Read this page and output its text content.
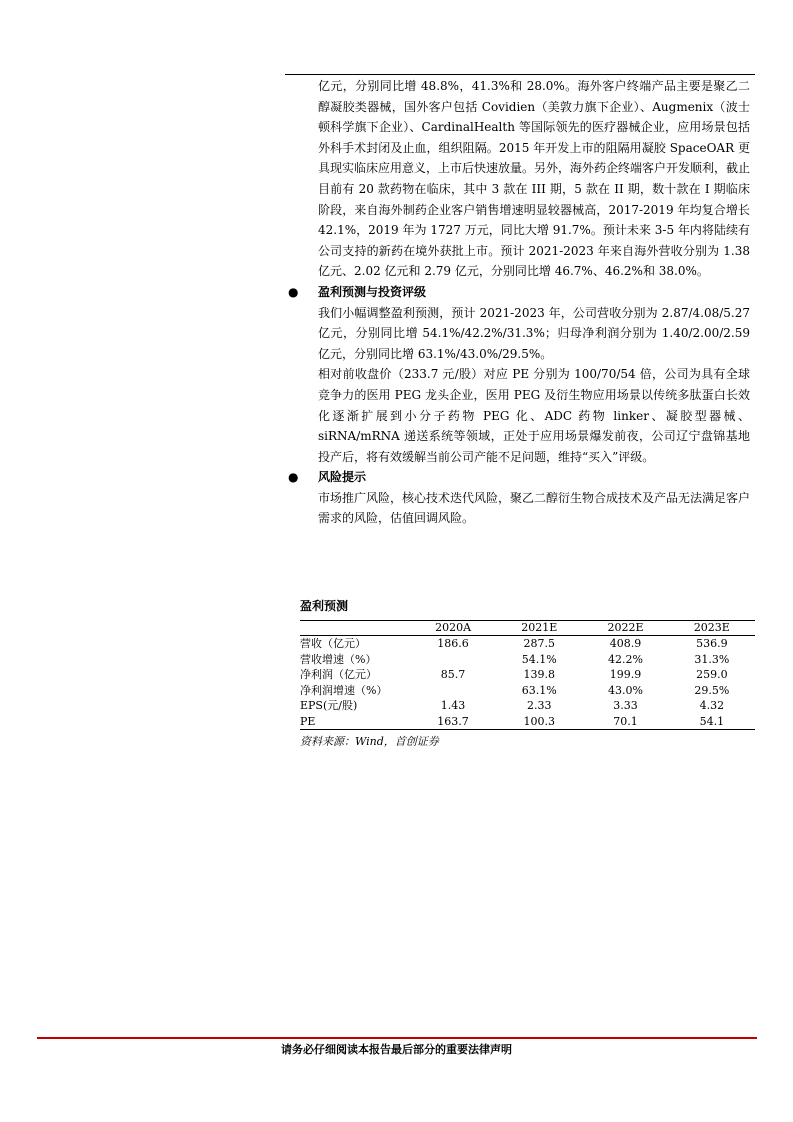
亿元，分别同比增 48.8%，41.3%和 28.0%。海外客户终端产品主要是聚乙二醇凝胶类器械，国外客户包括 Covidien（美敦力旗下企业）、Augmenix（波士顿科学旗下企业）、CardinalHealth 等国际领先的医疗器械企业，应用场景包括外科手术封闭及止血，组织阻隔。2015 年开发上市的阻隔用凝胶 SpaceOAR 更具现实临床应用意义，上市后快速放量。另外，海外药企终端客户开发顺利，截止目前有 20 款药物在临床，其中 3 款在 III 期，5 款在 II 期，数十款在 I 期临床阶段，来自海外制药企业客户销售增速明显较器械高，2017-2019 年均复合增长 42.1%，2019 年为 1727 万元，同比大增 91.7%。预计未来 3-5 年内将陆续有公司支持的新药在境外获批上市。预计 2021-2023 年来自海外营收分别为 1.38 亿元、2.02 亿元和 2.79 亿元，分别同比增 46.7%、46.2%和 38.0%。

● 盈利预测与投资评级

我们小幅调整盈利预测，预计 2021-2023 年，公司营收分别为 2.87/4.08/5.27 亿元，分别同比增 54.1%/42.2%/31.3%；归母净利润分别为 1.40/2.00/2.59 亿元，分别同比增 63.1%/43.0%/29.5%。

相对前收盘价（233.7 元/股）对应 PE 分别为 100/70/54 倍，公司为具有全球竞争力的医用 PEG 龙头企业，医用 PEG 及衍生物应用场景以传统多肽蛋白长效化逐渐扩展到小分子药物 PEG 化、ADC 药物 linker、凝胶型器械、siRNA/mRNA 递送系统等领域，正处于应用场景爆发前夜，公司辽宁盘锦基地投产后，将有效缓解当前公司产能不足问题，维持“买入”评级。

● 风险提示

市场推广风险，核心技术迭代风险，聚乙二醇衍生物合成技术及产品无法满足客户需求的风险，估值回调风险。

盈利预测

	2020A	2021E	2022E	2023E
营收（亿元）	186.6	287.5	408.9	536.9
营收增速（%）		54.1%	42.2%	31.3%
净利润（亿元）	85.7	139.8	199.9	259.0
净利润增速（%）		63.1%	43.0%	29.5%
EPS(元/股)	1.43	2.33	3.33	4.32
PE	163.7	100.3	70.1	54.1
资料来源：Wind，首创证券
请务必仔细阅读本报告最后部分的重要法律声明
